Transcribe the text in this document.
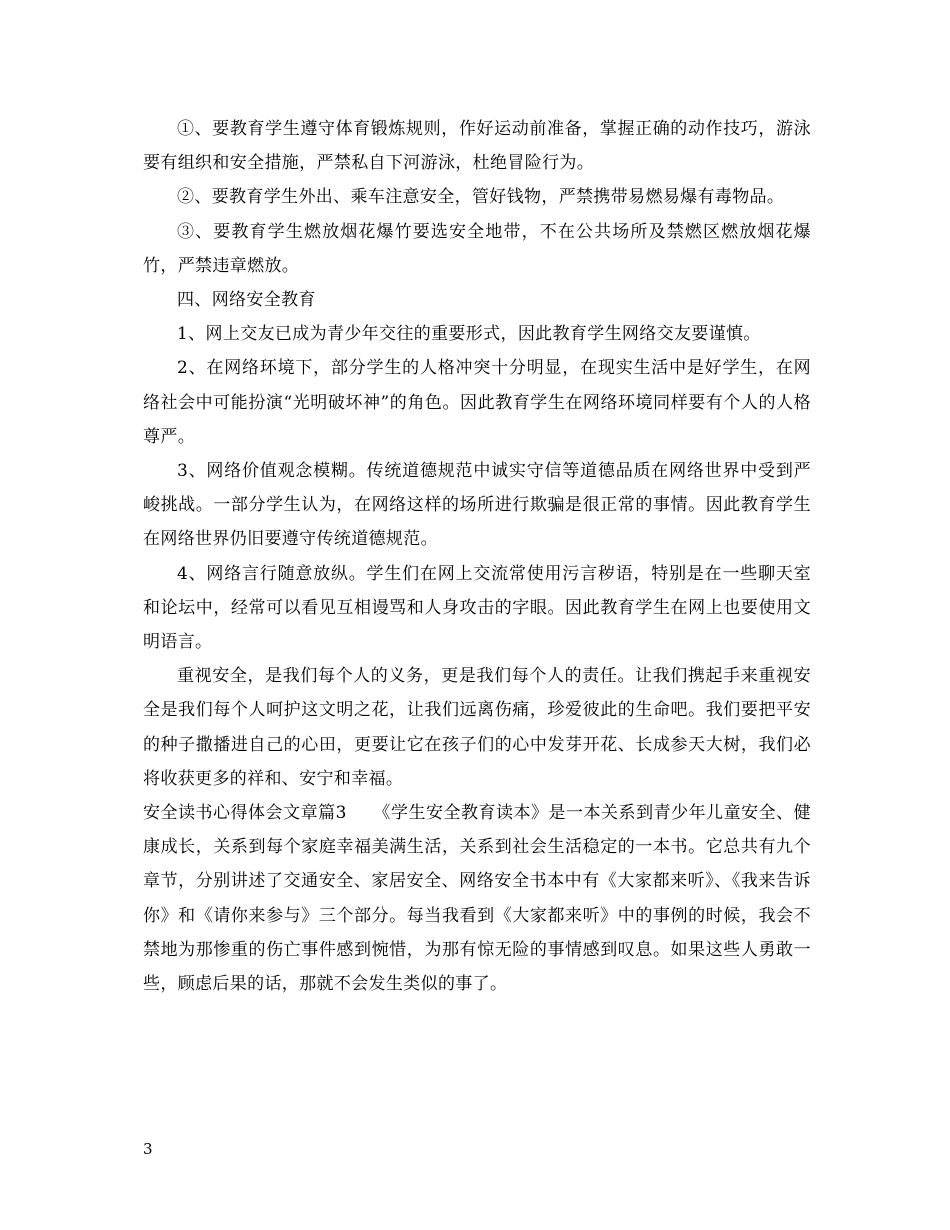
①、要教育学生遵守体育锻炼规则，作好运动前准备，掌握正确的动作技巧，游泳要有组织和安全措施，严禁私自下河游泳，杜绝冒险行为。

②、要教育学生外出、乘车注意安全，管好钱物，严禁携带易燃易爆有毒物品。

③、要教育学生燃放烟花爆竹要选安全地带，不在公共场所及禁燃区燃放烟花爆竹，严禁违章燃放。

四、网络安全教育

1、网上交友已成为青少年交往的重要形式，因此教育学生网络交友要谨慎。

2、在网络环境下，部分学生的人格冲突十分明显，在现实生活中是好学生，在网络社会中可能扮演“光明破坏神”的角色。因此教育学生在网络环境同样要有个人的人格尊严。

3、网络价值观念模糊。传统道德规范中诚实守信等道德品质在网络世界中受到严峻挑战。一部分学生认为，在网络这样的场所进行欺骗是很正常的事情。因此教育学生在网络世界仍旧要遵守传统道德规范。

4、网络言行随意放纵。学生们在网上交流常使用污言秽语，特别是在一些聊天室和论坛中，经常可以看见互相谩骂和人身攻击的字眼。因此教育学生在网上也要使用文明语言。

重视安全，是我们每个人的义务，更是我们每个人的责任。让我们携起手来重视安全是我们每个人呵护这文明之花，让我们远离伤痛，珍爱彼此的生命吧。我们要把平安的种子撒播进自己的心田，更要让它在孩子们的心中发芽开花、长成参天大树，我们必将收获更多的祥和、安宁和幸福。

安全读书心得体会文章篇3　　《学生安全教育读本》是一本关系到青少年儿童安全、健康成长，关系到每个家庭幸福美满生活，关系到社会生活稳定的一本书。它总共有九个章节，分别讲述了交通安全、家居安全、网络安全书本中有《大家都来听》、《我来告诉你》和《请你来参与》三个部分。每当我看到《大家都来听》中的事例的时候，我会不禁地为那惨重的伤亡事件感到惋惜，为那有惊无险的事情感到叹息。如果这些人勇敢一些，顾虑后果的话，那就不会发生类似的事了。

3
